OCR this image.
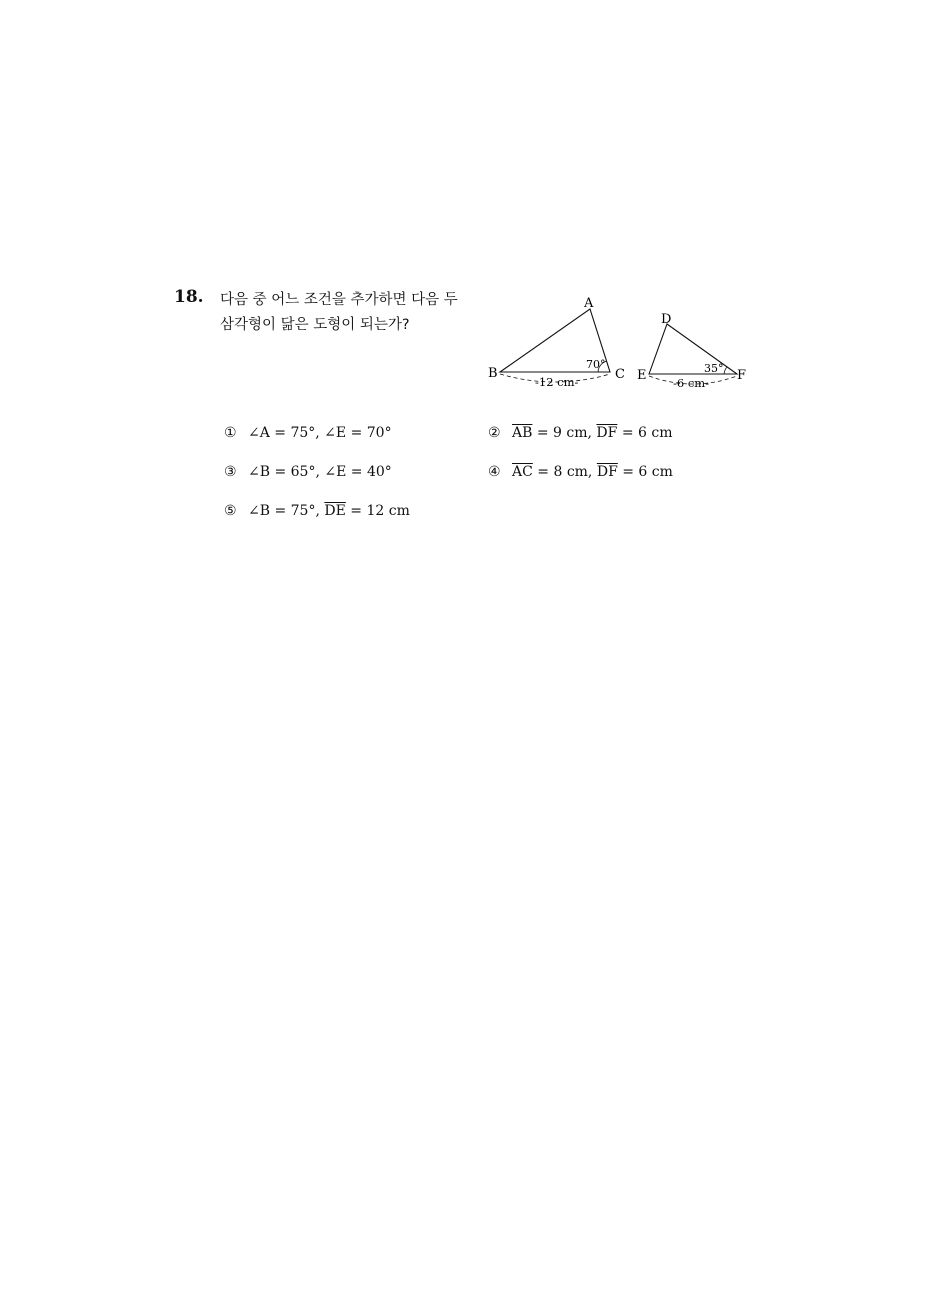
18. 다음 중 어느 조건을 추가하면 다음 두
삼각형이 닮은 도형이 되는가?
A
B	C
70°
-12 cm-
D
E	F
35°
-6 cm-
① ∠A = 75°, ∠E = 70°	② $\overline{AB} = 9$ cm, $\overline{DF} = 6$ cm
③ ∠B = 65°, ∠E = 40°	④ $\overline{AC} = 8$ cm, $\overline{DF} = 6$ cm
⑤ ∠B = 75°, $\overline{DE} = 12$ cm
